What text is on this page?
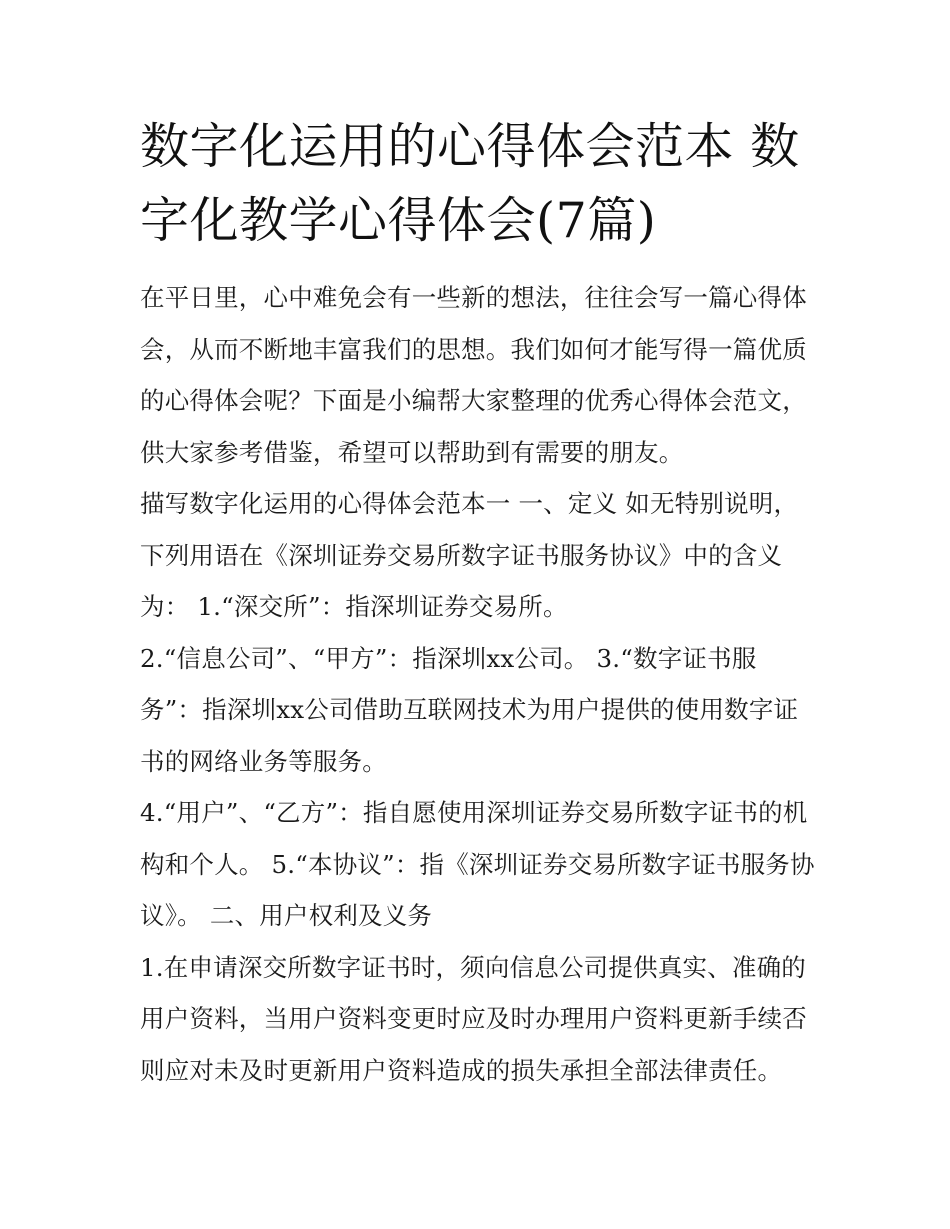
数字化运用的心得体会范本 数字化教学心得体会(7篇)

在平日里，心中难免会有一些新的想法，往往会写一篇心得体会，从而不断地丰富我们的思想。我们如何才能写得一篇优质的心得体会呢？下面是小编帮大家整理的优秀心得体会范文，供大家参考借鉴，希望可以帮助到有需要的朋友。

描写数字化运用的心得体会范本一 一、定义 如无特别说明，下列用语在《深圳证券交易所数字证书服务协议》中的含义为： 1.“深交所”：指深圳证券交易所。

2.“信息公司”、“甲方”：指深圳xx公司。 3.“数字证书服务”：指深圳xx公司借助互联网技术为用户提供的使用数字证书的网络业务等服务。

4.“用户”、“乙方”：指自愿使用深圳证券交易所数字证书的机构和个人。 5.“本协议”：指《深圳证券交易所数字证书服务协议》。 二、用户权利及义务

1.在申请深交所数字证书时，须向信息公司提供真实、准确的用户资料，当用户资料变更时应及时办理用户资料更新手续否则应对未及时更新用户资料造成的损失承担全部法律责任。
